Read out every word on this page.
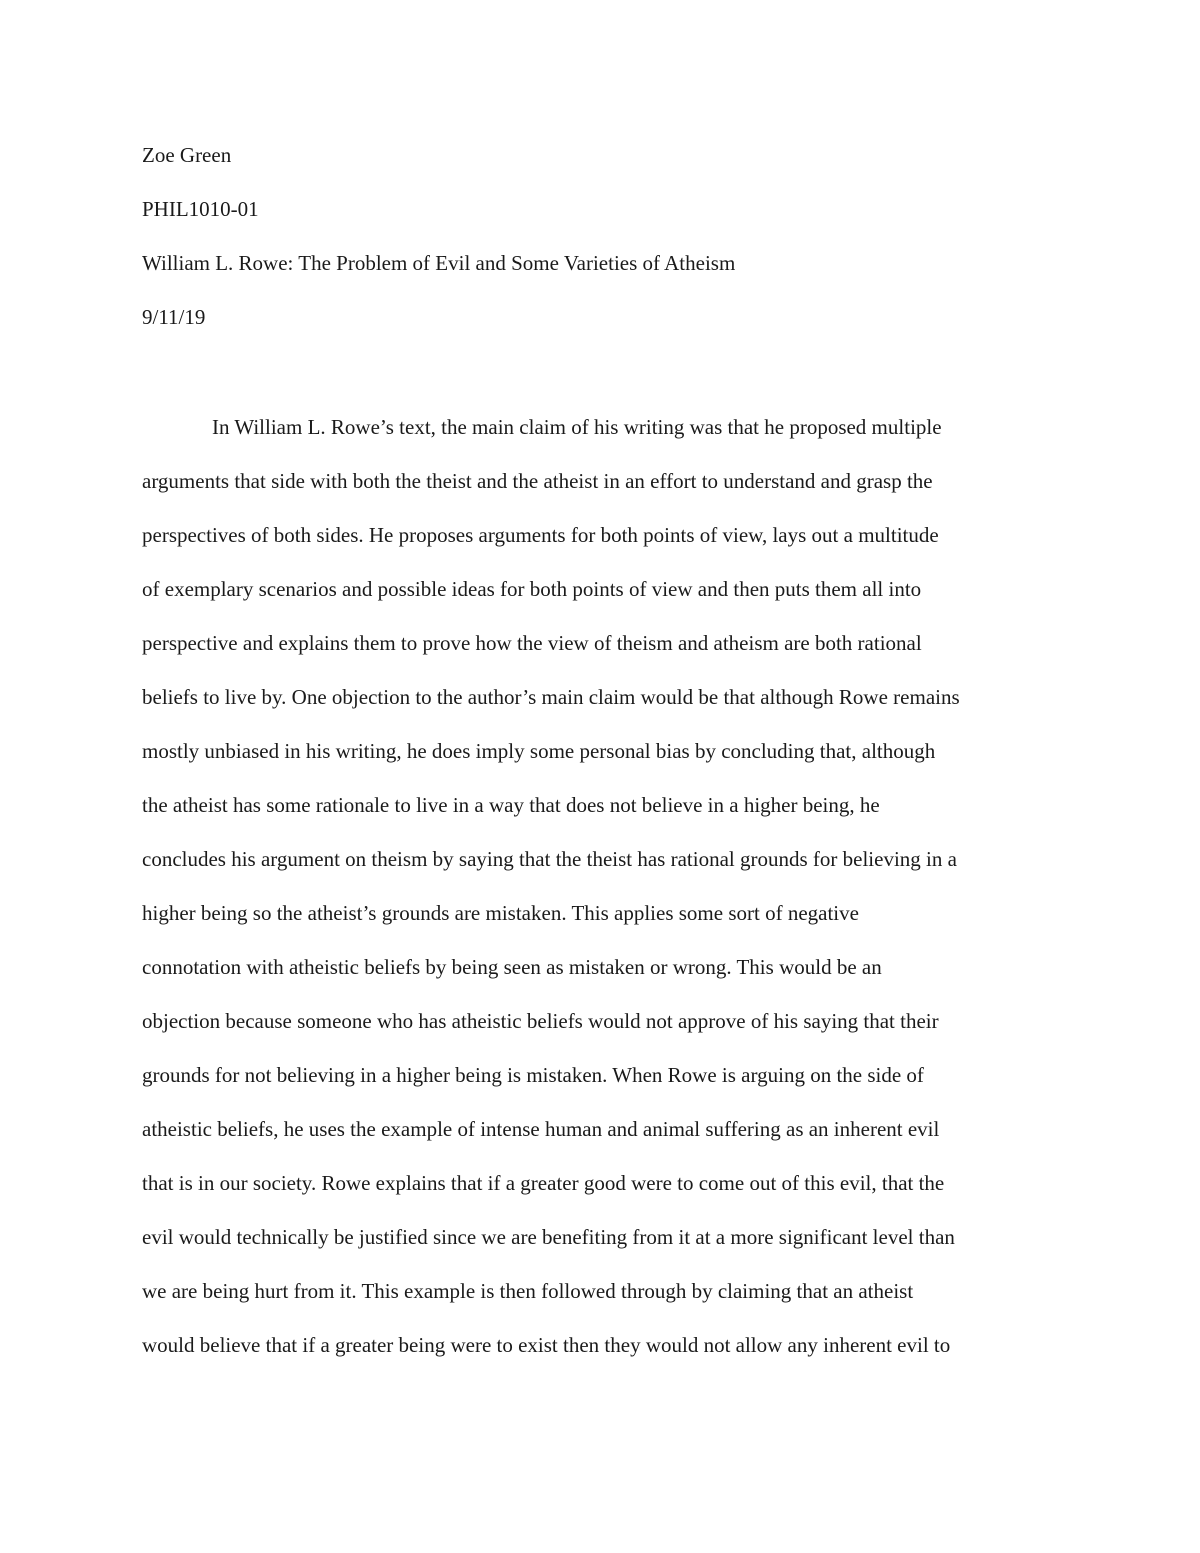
Zoe Green
PHIL1010-01
William L. Rowe: The Problem of Evil and Some Varieties of Atheism
9/11/19
In William L. Rowe’s text, the main claim of his writing was that he proposed multiple
arguments that side with both the theist and the atheist in an effort to understand and grasp the
perspectives of both sides. He proposes arguments for both points of view, lays out a multitude
of exemplary scenarios and possible ideas for both points of view and then puts them all into
perspective and explains them to prove how the view of theism and atheism are both rational
beliefs to live by. One objection to the author’s main claim would be that although Rowe remains
mostly unbiased in his writing, he does imply some personal bias by concluding that, although
the atheist has some rationale to live in a way that does not believe in a higher being, he
concludes his argument on theism by saying that the theist has rational grounds for believing in a
higher being so the atheist’s grounds are mistaken. This applies some sort of negative
connotation with atheistic beliefs by being seen as mistaken or wrong. This would be an
objection because someone who has atheistic beliefs would not approve of his saying that their
grounds for not believing in a higher being is mistaken. When Rowe is arguing on the side of
atheistic beliefs, he uses the example of intense human and animal suffering as an inherent evil
that is in our society. Rowe explains that if a greater good were to come out of this evil, that the
evil would technically be justified since we are benefiting from it at a more significant level than
we are being hurt from it. This example is then followed through by claiming that an atheist
would believe that if a greater being were to exist then they would not allow any inherent evil to
